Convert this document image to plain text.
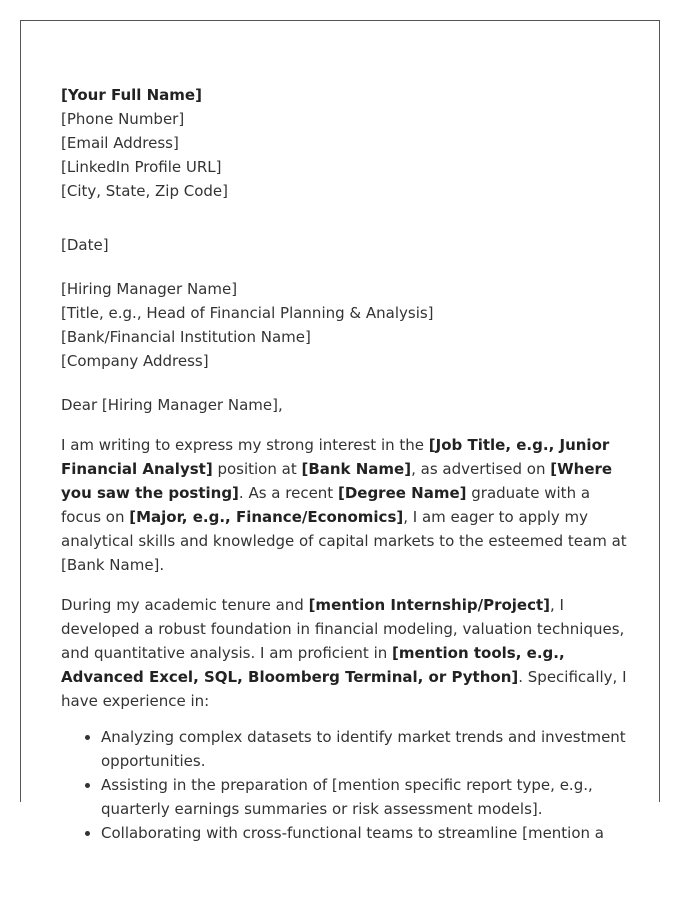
[Your Full Name]
[Phone Number]
[Email Address]
[LinkedIn Profile URL]
[City, State, Zip Code]
[Date]
[Hiring Manager Name]
[Title, e.g., Head of Financial Planning & Analysis]
[Bank/Financial Institution Name]
[Company Address]

Dear [Hiring Manager Name],

I am writing to express my strong interest in the [Job Title, e.g., Junior Financial Analyst] position at [Bank Name], as advertised on [Where you saw the posting]. As a recent [Degree Name] graduate with a focus on [Major, e.g., Finance/Economics], I am eager to apply my analytical skills and knowledge of capital markets to the esteemed team at [Bank Name].

During my academic tenure and [mention Internship/Project], I developed a robust foundation in financial modeling, valuation techniques, and quantitative analysis. I am proficient in [mention tools, e.g., Advanced Excel, SQL, Bloomberg Terminal, or Python]. Specifically, I have experience in:

• Analyzing complex datasets to identify market trends and investment opportunities.
• Assisting in the preparation of [mention specific report type, e.g., quarterly earnings summaries or risk assessment models].
• Collaborating with cross-functional teams to streamline [mention a
